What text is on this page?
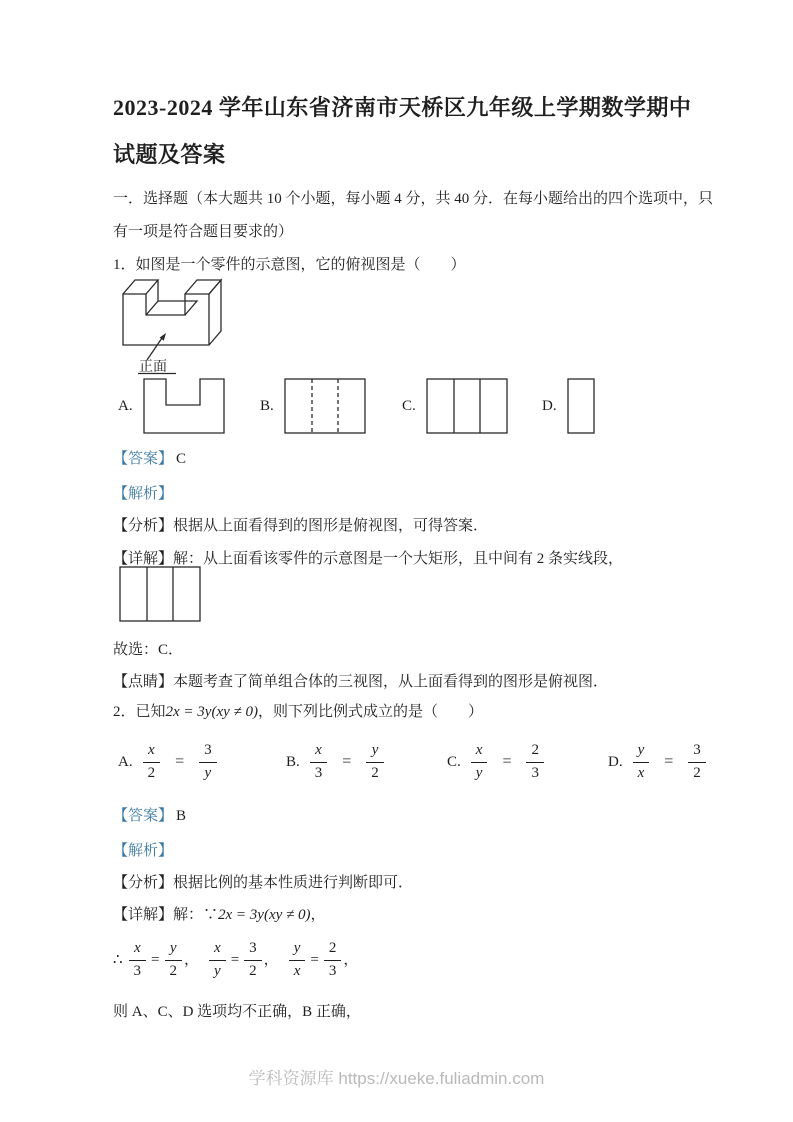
2023-2024 学年山东省济南市天桥区九年级上学期数学期中
试题及答案
一．选择题（本大题共 10 个小题，每小题 4 分，共 40 分．在每小题给出的四个选项中，只
有一项是符合题目要求的）
1．如图是一个零件的示意图，它的俯视图是（　　）
正面
A.	B.	C.	D.
【答案】 C
【解析】
【分析】根据从上面看得到的图形是俯视图，可得答案．
【详解】解：从上面看该零件的示意图是一个大矩形，且中间有 2 条实线段，
故选：C．
【点睛】本题考查了简单组合体的三视图，从上面看得到的图形是俯视图．
2．已知2x = 3y(xy ≠ 0)，则下列比例式成立的是（　　）
A. $\frac{x}{2} = \frac{3}{y}$	B. $\frac{x}{3} = \frac{y}{2}$	C. $\frac{x}{y} = \frac{2}{3}$	D. $\frac{y}{x} = \frac{3}{2}$
【答案】 B
【解析】
【分析】根据比例的基本性质进行判断即可．
【详解】解：∵2x = 3y(xy ≠ 0)，
∴ $\frac{x}{3} = \frac{y}{2}$ ， $\frac{x}{y} = \frac{3}{2}$ ， $\frac{y}{x} = \frac{2}{3}$ ，
则 A、C、D 选项均不正确，B 正确，
学科资源库 https://xueke.fuliadmin.com
